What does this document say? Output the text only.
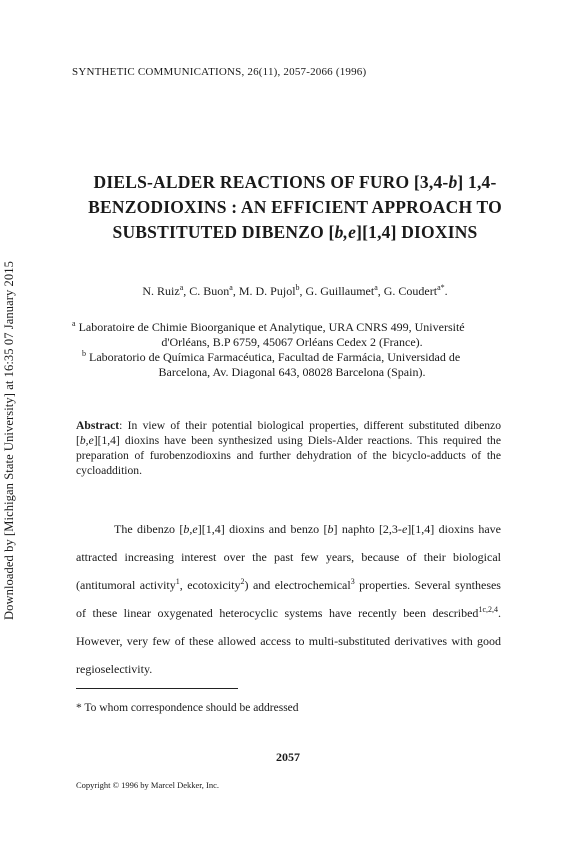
Downloaded by [Michigan State University] at 16:35 07 January 2015
SYNTHETIC COMMUNICATIONS, 26(11), 2057-2066 (1996)
DIELS-ALDER REACTIONS OF FURO [3,4-b] 1,4-
BENZODIOXINS : AN EFFICIENT APPROACH TO
SUBSTITUTED DIBENZO [b,e][1,4] DIOXINS
N. Ruiz$^a$, C. Buon$^a$, M. D. Pujol$^b$, G. Guillaumet$^a$, G. Coudert$^{a*}$.
$^a$ Laboratoire de Chimie Bioorganique et Analytique, URA CNRS 499, Université
d'Orléans, B.P 6759, 45067 Orléans Cedex 2 (France).
$^b$ Laboratorio de Química Farmacéutica, Facultad de Farmácia, Universidad de
Barcelona, Av. Diagonal 643, 08028 Barcelona (Spain).
Abstract: In view of their potential biological properties, different substituted dibenzo [b,e][1,4] dioxins have been synthesized using Diels-Alder reactions. This required the preparation of furobenzodioxins and further dehydration of the bicyclo-adducts of the cycloaddition.

The dibenzo [b,e][1,4] dioxins and benzo [b] naphto [2,3-e][1,4] dioxins have attracted increasing interest over the past few years, because of their biological (antitumoral activity$^1$, ecotoxicity$^2$) and electrochemical$^3$ properties. Several syntheses of these linear oxygenated heterocyclic systems have recently been described$^{1c,2,4}$. However, very few of these allowed access to multi-substituted derivatives with good regioselectivity.

* To whom correspondence should be addressed
2057
Copyright © 1996 by Marcel Dekker, Inc.
